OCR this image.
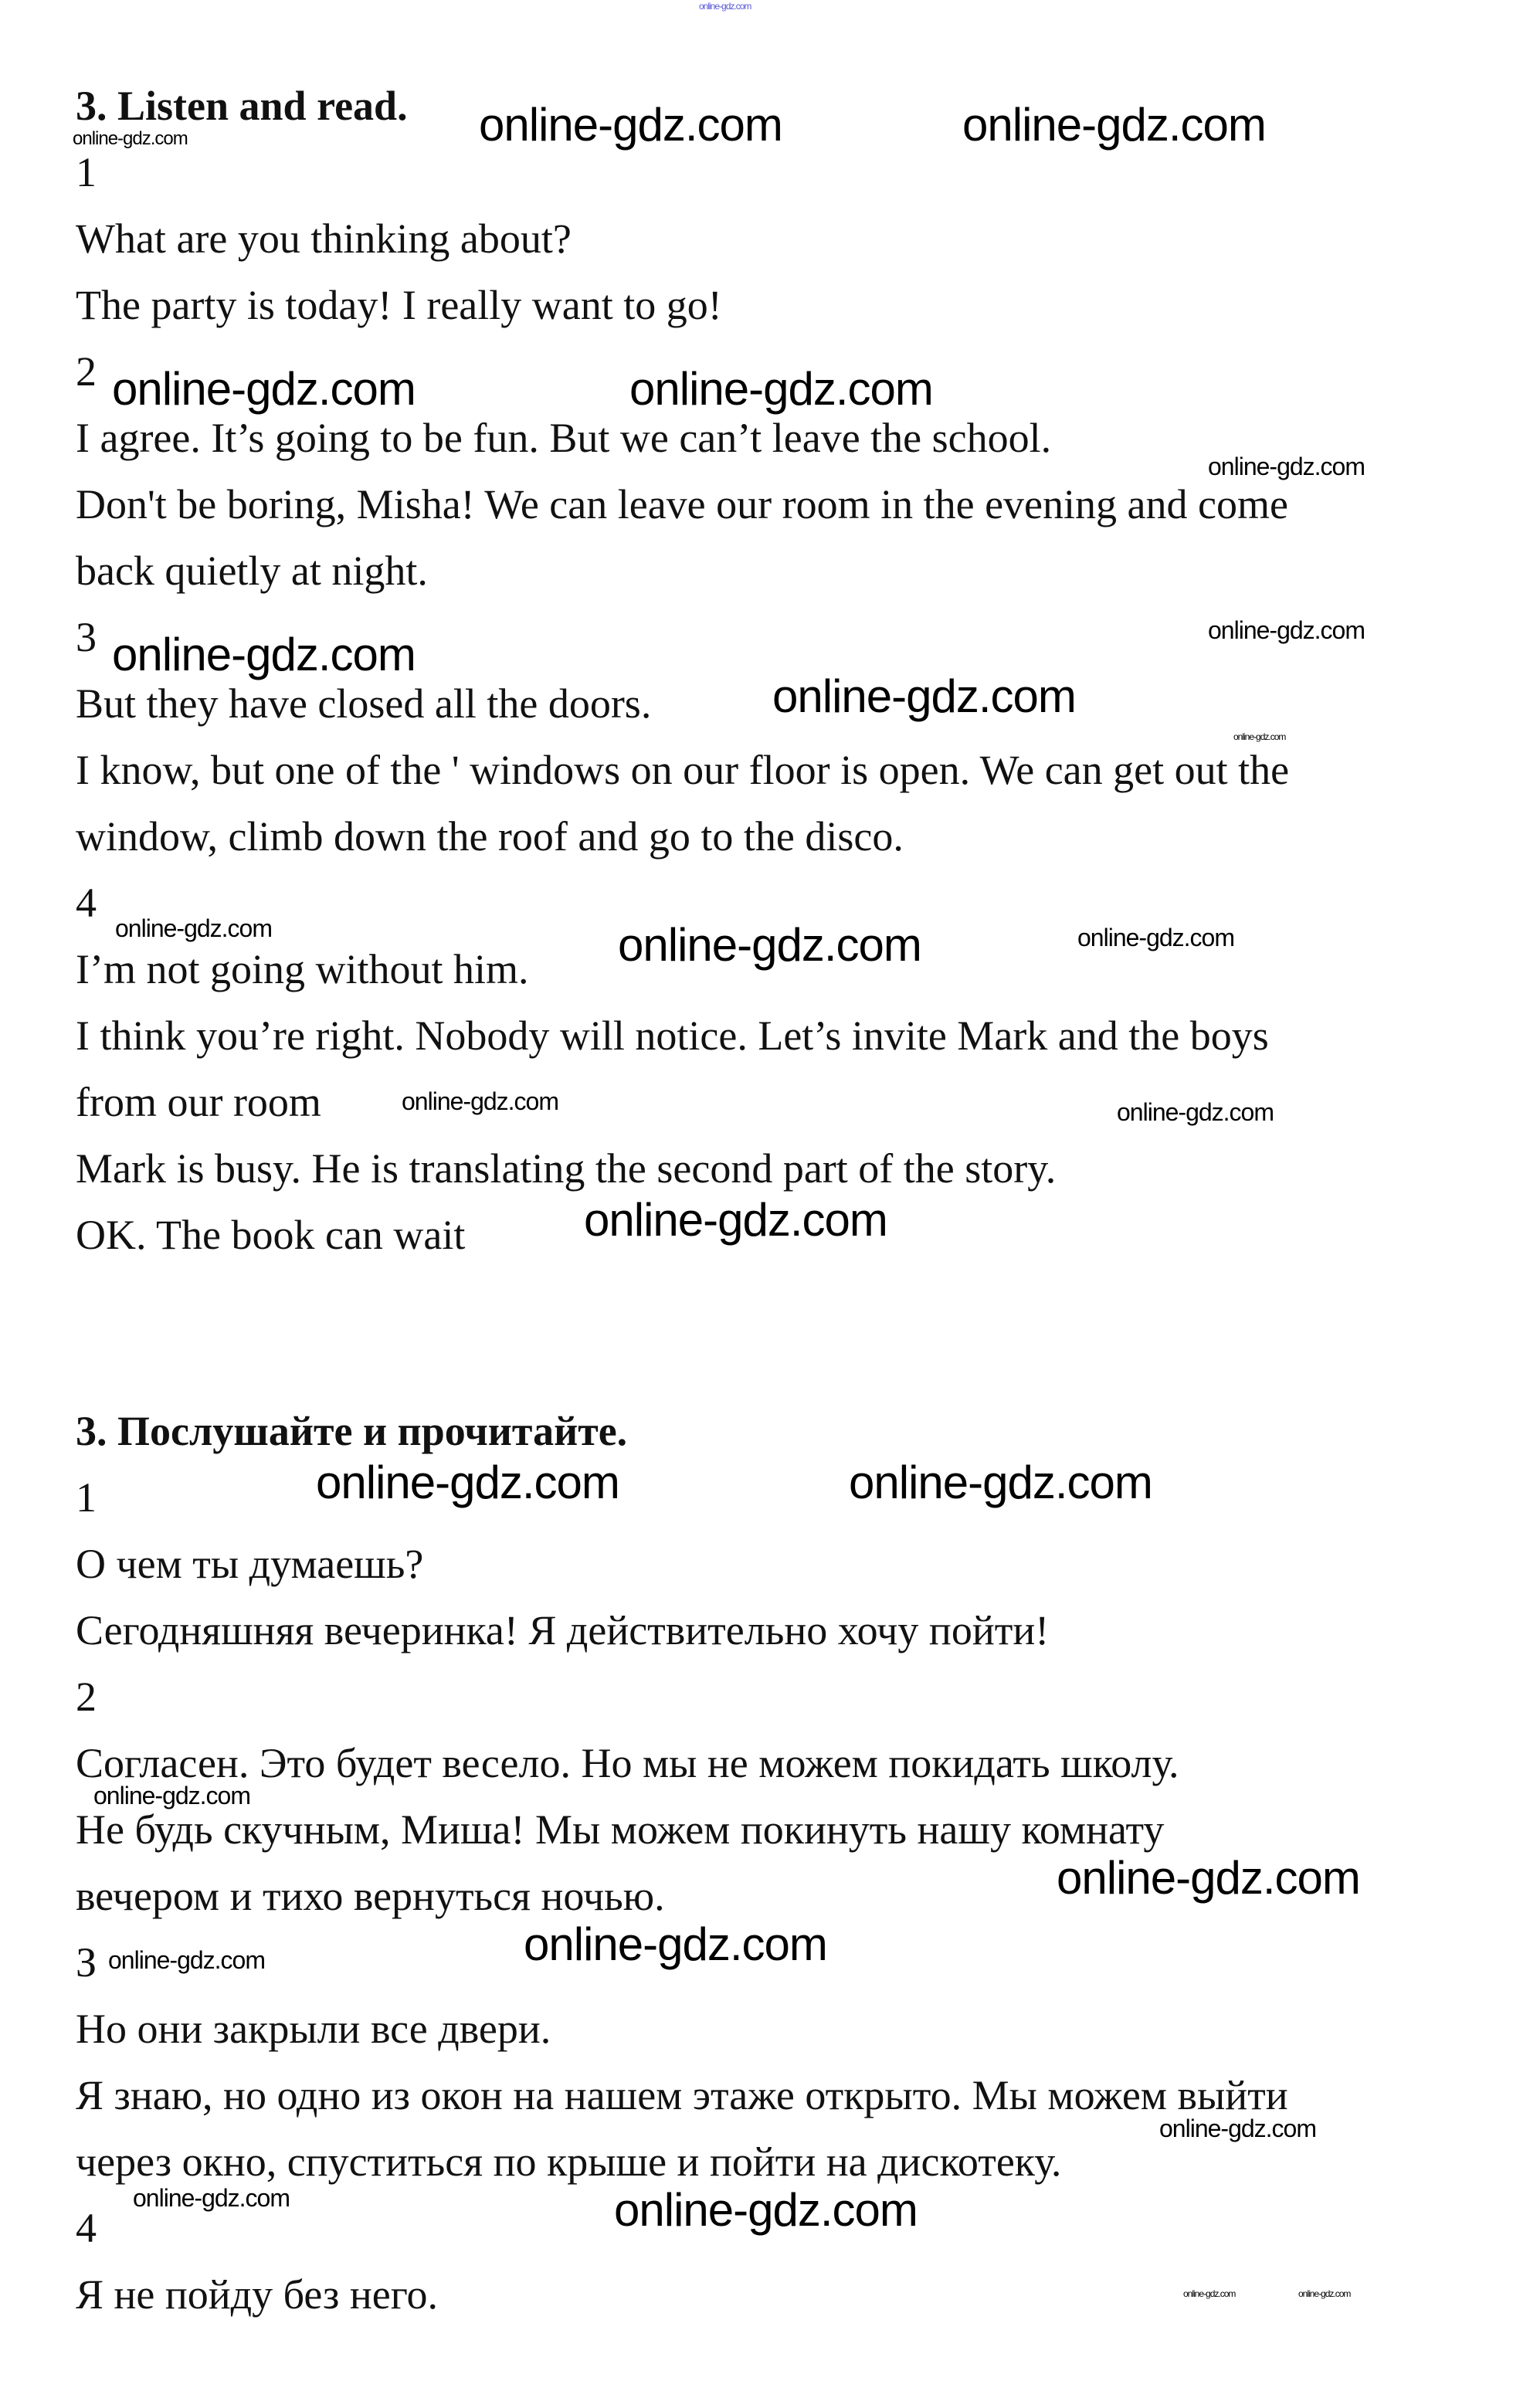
3. Listen and read.
1
What are you thinking about?
The party is today! I really want to go!
2
I agree. It’s going to be fun. But we can’t leave the school.
Don't be boring, Misha! We can leave our room in the evening and come
back quietly at night.
3
But they have closed all the doors.
I know, but one of the ' windows on our floor is open. We can get out the
window, climb down the roof and go to the disco.
4
I’m not going without him.
I think you’re right. Nobody will notice. Let’s invite Mark and the boys
from our room
Mark is busy. He is translating the second part of the story.
OK. The book can wait
3. Послушайте и прочитайте.
1
О чем ты думаешь?
Сегодняшняя вечеринка! Я действительно хочу пойти!
2
Согласен. Это будет весело. Но мы не можем покидать школу.
Не будь скучным, Миша! Мы можем покинуть нашу комнату
вечером и тихо вернуться ночью.
З
Но они закрыли все двери.
Я знаю, но одно из окон на нашем этаже открыто. Мы можем выйти
через окно, спуститься по крыше и пойти на дискотеку.
4
Я не пойду без него.
online-gdz.com
online-gdz.com	online-gdz.com
online-gdz.com
online-gdz.com	online-gdz.com
online-gdz.com
online-gdz.com
online-gdz.com
online-gdz.com
online-gdz.com
online-gdz.com	online-gdz.com
online-gdz.com
online-gdz.com
online-gdz.com
online-gdz.com
online-gdz.com	online-gdz.com
online-gdz.com
online-gdz.com
online-gdz.com
online-gdz.com
online-gdz.com
online-gdz.com	online-gdz.com
online-gdz.com	online-gdz.com
